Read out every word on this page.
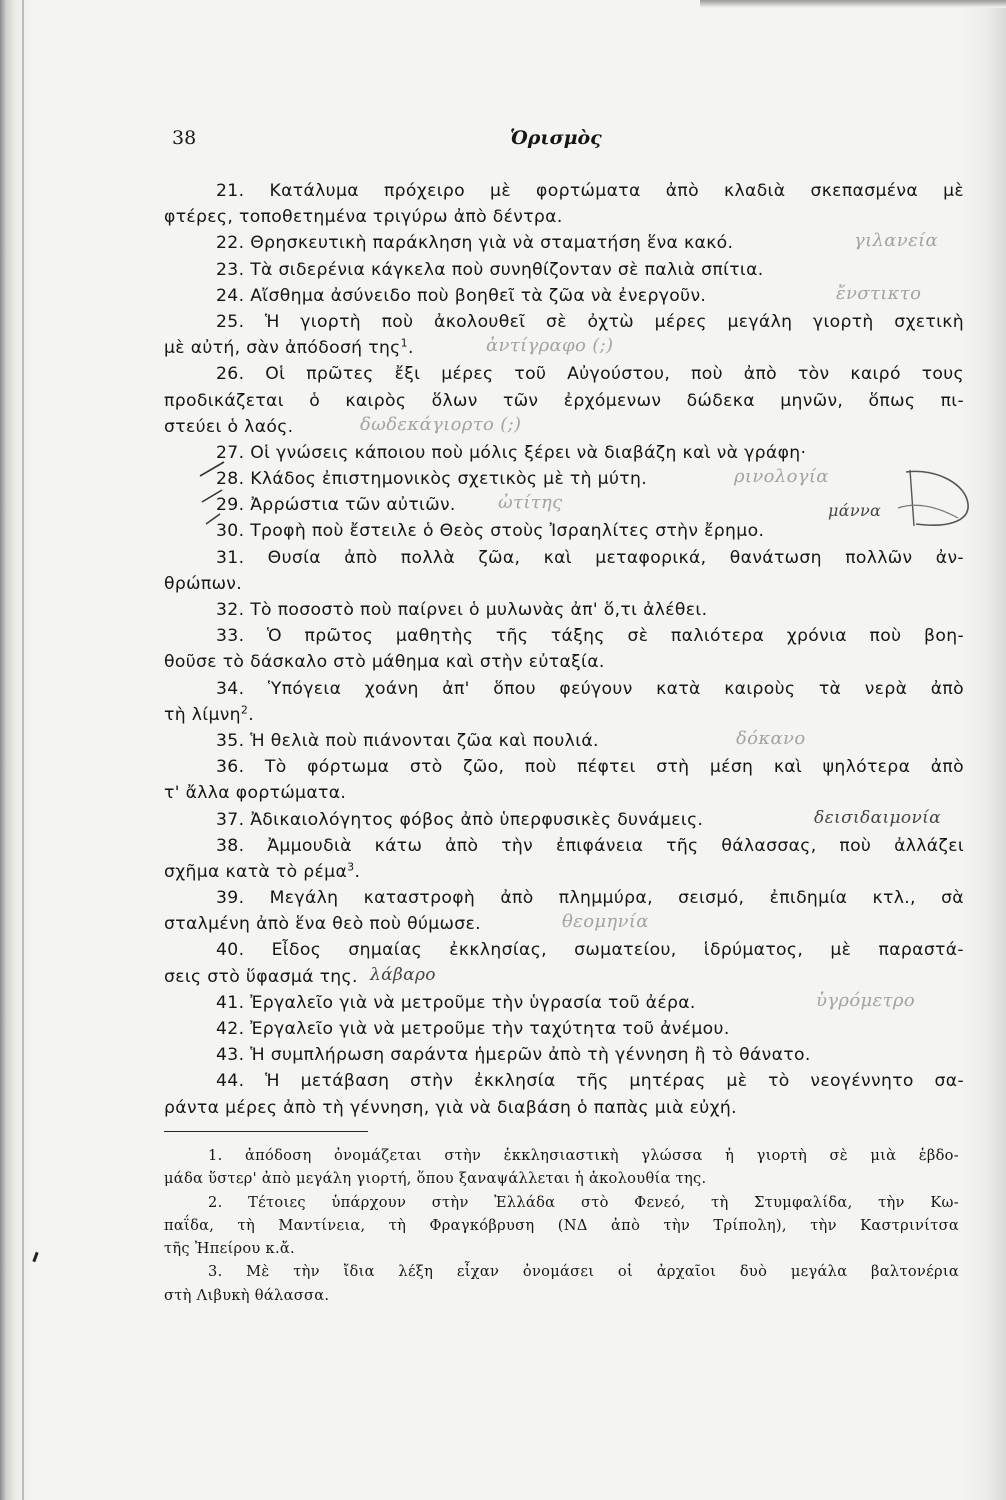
38	Ὁρισμὸς
21. Κατάλυμα πρόχειρο μὲ φορτώματα ἀπὸ κλαδιὰ σκεπασμένα μὲ
φτέρες, τοποθετημένα τριγύρω ἀπὸ δέντρα.
22. Θρησκευτικὴ παράκληση γιὰ νὰ σταματήση ἕνα κακό.	γιλανεία
23. Τὰ σιδερένια κάγκελα ποὺ συνηθίζονταν σὲ παλιὰ σπίτια.
24. Αἴσθημα ἀσύνειδο ποὺ βοηθεῖ τὰ ζῶα νὰ ἐνεργοῦν.	ἔνστικτο
25. Ἡ γιορτὴ ποὺ ἀκολουθεῖ σὲ ὀχτὼ μέρες μεγάλη γιορτὴ σχετικὴ
μὲ αὐτή, σὰν ἀπόδοσή της$^1$.	ἀντίγραφο (;)
26. Οἱ πρῶτες ἔξι μέρες τοῦ Αὐγούστου, ποὺ ἀπὸ τὸν καιρό τους
προδικάζεται ὁ καιρὸς ὅλων τῶν ἐρχόμενων δώδεκα μηνῶν, ὅπως πι-
στεύει ὁ λαός.	δωδεκάγιορτο (;)
27. Οἱ γνώσεις κάποιου ποὺ μόλις ξέρει νὰ διαβάζη καὶ νὰ γράφη·
28. Κλάδος ἐπιστημονικὸς σχετικὸς μὲ τὴ μύτη.	ρινολογία
29. Ἀρρώστια τῶν αὐτιῶν. ὠτίτης
30. Τροφὴ ποὺ ἔστειλε ὁ Θεὸς στοὺς Ἰσραηλίτες στὴν ἔρημο.
μάννα
31. Θυσία ἀπὸ πολλὰ ζῶα, καὶ μεταφορικά, θανάτωση πολλῶν ἀν-
θρώπων.
32. Τὸ ποσοστὸ ποὺ παίρνει ὁ μυλωνὰς ἀπ' ὅ,τι ἀλέθει.
33. Ὁ πρῶτος μαθητὴς τῆς τάξης σὲ παλιότερα χρόνια ποὺ βοη-
θοῦσε τὸ δάσκαλο στὸ μάθημα καὶ στὴν εὐταξία.
34. Ὑπόγεια χοάνη ἀπ' ὅπου φεύγουν κατὰ καιροὺς τὰ νερὰ ἀπὸ
τὴ λίμνη$^2$.
35. Ἡ θελιὰ ποὺ πιάνονται ζῶα καὶ πουλιά.	δόκανο
36. Τὸ φόρτωμα στὸ ζῶο, ποὺ πέφτει στὴ μέση καὶ ψηλότερα ἀπὸ
τ' ἄλλα φορτώματα.
37. Ἀδικαιολόγητος φόβος ἀπὸ ὑπερφυσικὲς δυνάμεις.	δεισιδαιμονία
38. Ἀμμουδιὰ κάτω ἀπὸ τὴν ἐπιφάνεια τῆς θάλασσας, ποὺ ἀλλάζει
σχῆμα κατὰ τὸ ρέμα$^3$.
39. Μεγάλη καταστροφὴ ἀπὸ πλημμύρα, σεισμό, ἐπιδημία κτλ., σὰ
σταλμένη ἀπὸ ἕνα θεὸ ποὺ θύμωσε.	θεομηνία
40. Εἶδος σημαίας ἐκκλησίας, σωματείου, ἱδρύματος, μὲ παραστά-
σεις στὸ ὕφασμά της. λάβαρο
41. Ἐργαλεῖο γιὰ νὰ μετροῦμε τὴν ὑγρασία τοῦ ἀέρα.	ὑγρόμετρο
42. Ἐργαλεῖο γιὰ νὰ μετροῦμε τὴν ταχύτητα τοῦ ἀνέμου.
43. Ἡ συμπλήρωση σαράντα ἡμερῶν ἀπὸ τὴ γέννηση ἢ τὸ θάνατο.
44. Ἡ μετάβαση στὴν ἐκκλησία τῆς μητέρας μὲ τὸ νεογέννητο σα-
ράντα μέρες ἀπὸ τὴ γέννηση, γιὰ νὰ διαβάση ὁ παπὰς μιὰ εὐχή.
1. ἀπόδοση ὀνομάζεται στὴν ἐκκλησιαστικὴ γλώσσα ἡ γιορτὴ σὲ μιὰ ἑβδο-
μάδα ὕστερ' ἀπὸ μεγάλη γιορτή, ὅπου ξαναψάλλεται ἡ ἀκολουθία της.
2. Τέτοιες ὑπάρχουν στὴν Ἑλλάδα στὸ Φενεό, τὴ Στυμφαλίδα, τὴν Κω-
παΐδα, τὴ Μαντίνεια, τὴ Φραγκόβρυση (ΝΔ ἀπὸ τὴν Τρίπολη), τὴν Καστρινίτσα
τῆς Ἠπείρου κ.ἄ.
3. Μὲ τὴν ἴδια λέξη εἶχαν ὀνομάσει οἱ ἀρχαῖοι δυὸ μεγάλα βαλτονέρια
στὴ Λιβυκὴ θάλασσα.
